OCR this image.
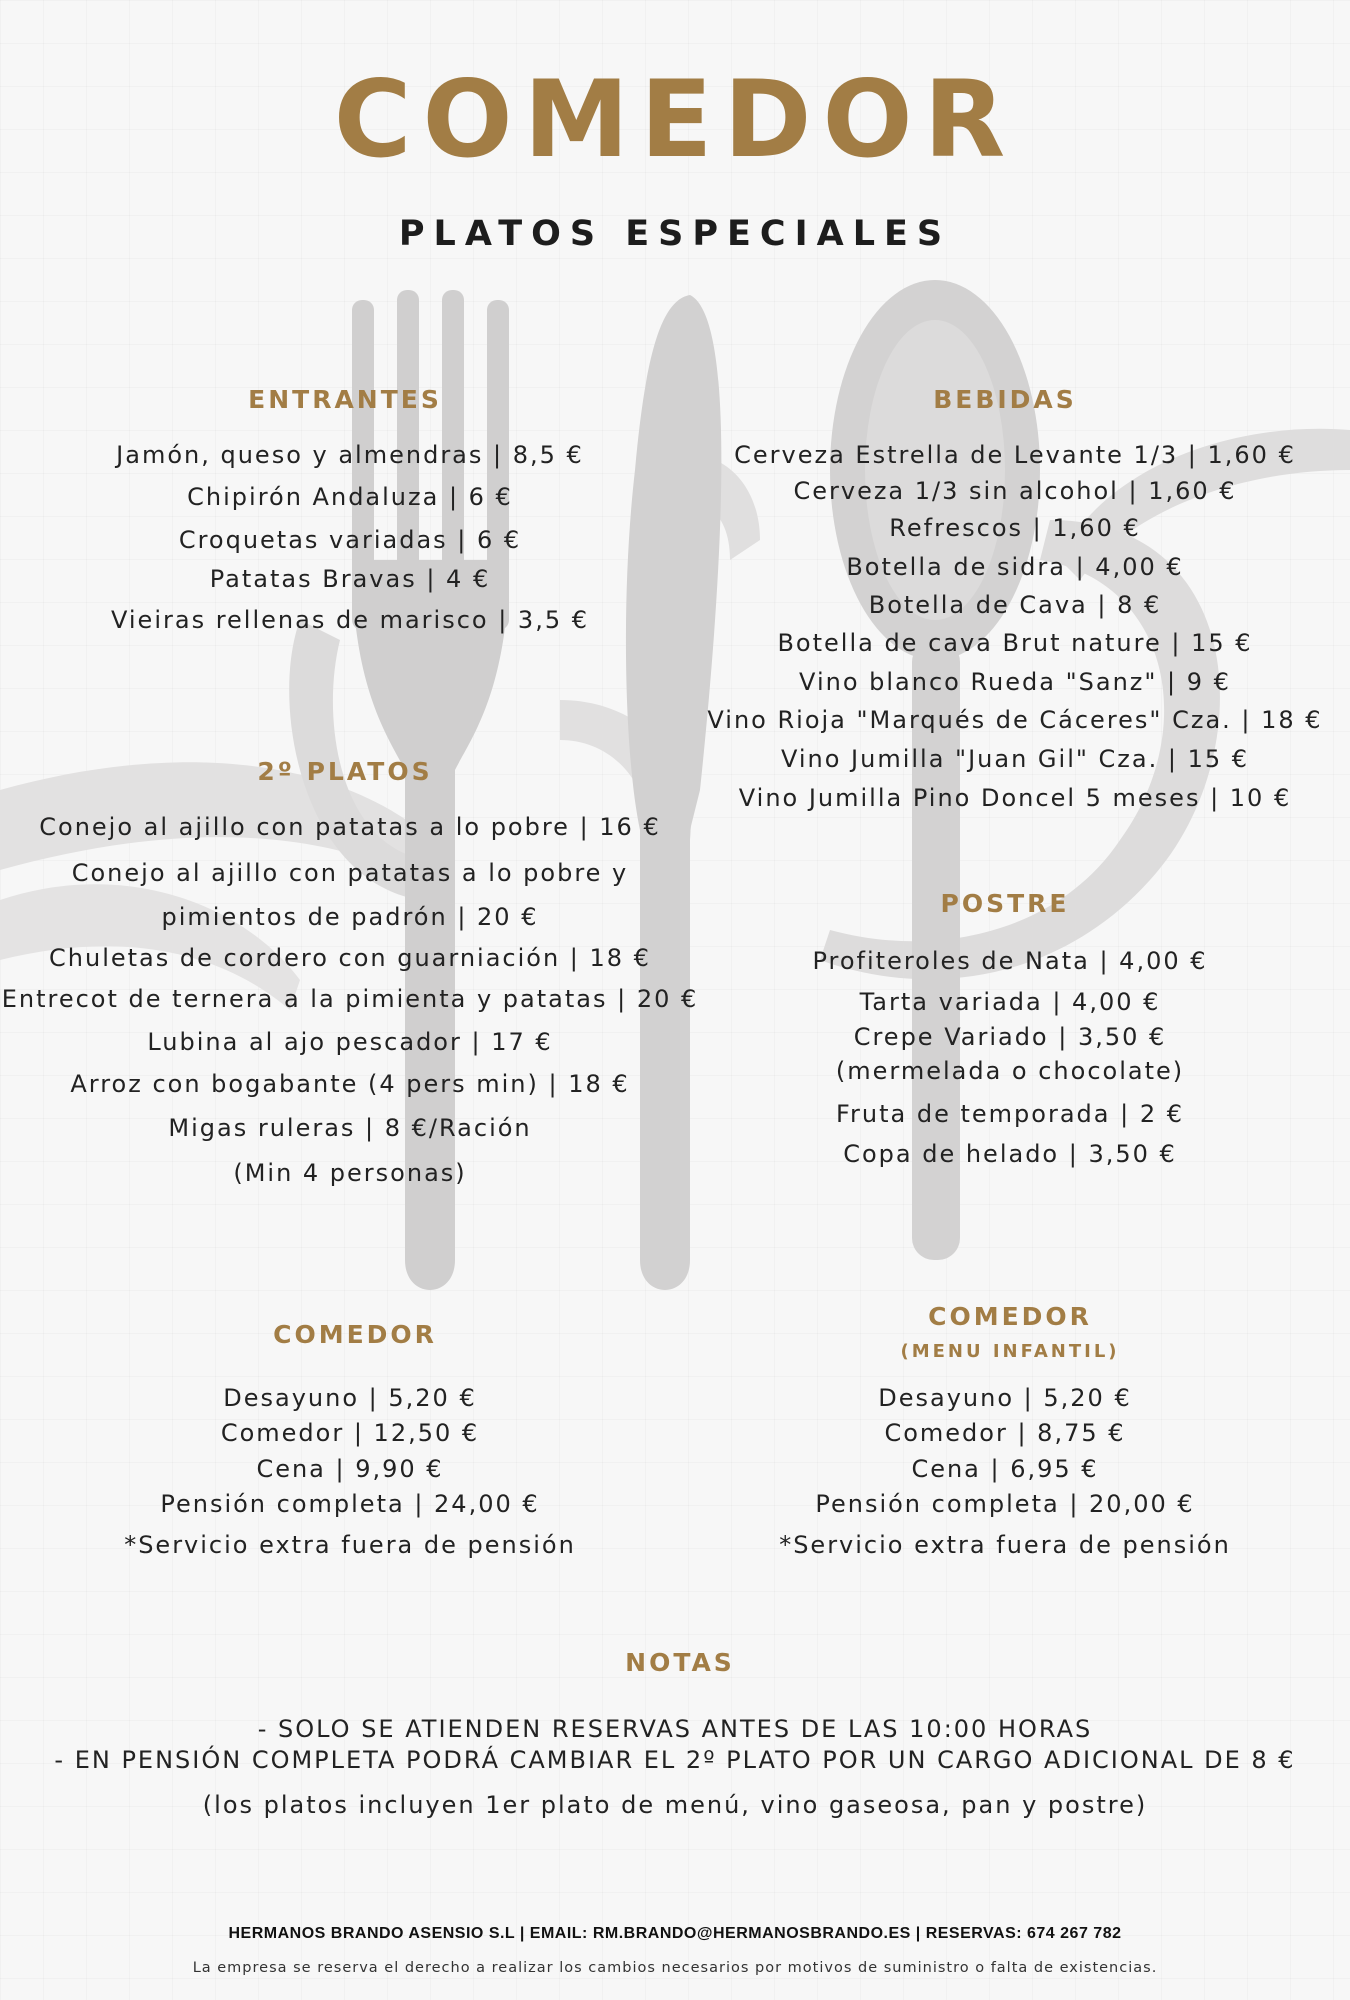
COMEDOR
PLATOS ESPECIALES
ENTRANTES
Jamón, queso y almendras | 8,5 €
Chipirón Andaluza | 6 €
Croquetas variadas | 6 €
Patatas Bravas | 4 €
Vieiras rellenas de marisco | 3,5 €
BEBIDAS
Cerveza Estrella de Levante 1/3 | 1,60 €
Cerveza 1/3 sin alcohol | 1,60 €
Refrescos | 1,60 €
Botella de sidra | 4,00 €
Botella de Cava | 8 €
Botella de cava Brut nature | 15 €
Vino blanco Rueda "Sanz" | 9 €
Vino Rioja "Marqués de Cáceres" Cza. | 18 €
Vino Jumilla "Juan Gil" Cza. | 15 €
Vino Jumilla Pino Doncel 5 meses | 10 €
2º PLATOS
Conejo al ajillo con patatas a lo pobre | 16 €
Conejo al ajillo con patatas a lo pobre y
pimientos de padrón | 20 €
Chuletas de cordero con guarniación | 18 €
Entrecot de ternera a la pimienta y patatas | 20 €
Lubina al ajo pescador | 17 €
Arroz con bogabante (4 pers min) | 18 €
Migas ruleras | 8 €/Ración
(Min 4 personas)
POSTRE
Profiteroles de Nata | 4,00 €
Tarta variada | 4,00 €
Crepe Variado | 3,50 €
(mermelada o chocolate)
Fruta de temporada | 2 €
Copa de helado | 3,50 €
COMEDOR
Desayuno | 5,20 €
Comedor | 12,50 €
Cena | 9,90 €
Pensión completa | 24,00 €
*Servicio extra fuera de pensión
COMEDOR
(MENU INFANTIL)
Desayuno | 5,20 €
Comedor | 8,75 €
Cena | 6,95 €
Pensión completa | 20,00 €
*Servicio extra fuera de pensión
NOTAS
- SOLO SE ATIENDEN RESERVAS ANTES DE LAS 10:00 HORAS
- EN PENSIÓN COMPLETA PODRÁ CAMBIAR EL 2º PLATO POR UN CARGO ADICIONAL DE 8 €
(los platos incluyen 1er plato de menú, vino gaseosa, pan y postre)
HERMANOS BRANDO ASENSIO S.L | EMAIL: RM.BRANDO@HERMANOSBRANDO.ES | RESERVAS: 674 267 782
La empresa se reserva el derecho a realizar los cambios necesarios por motivos de suministro o falta de existencias.
